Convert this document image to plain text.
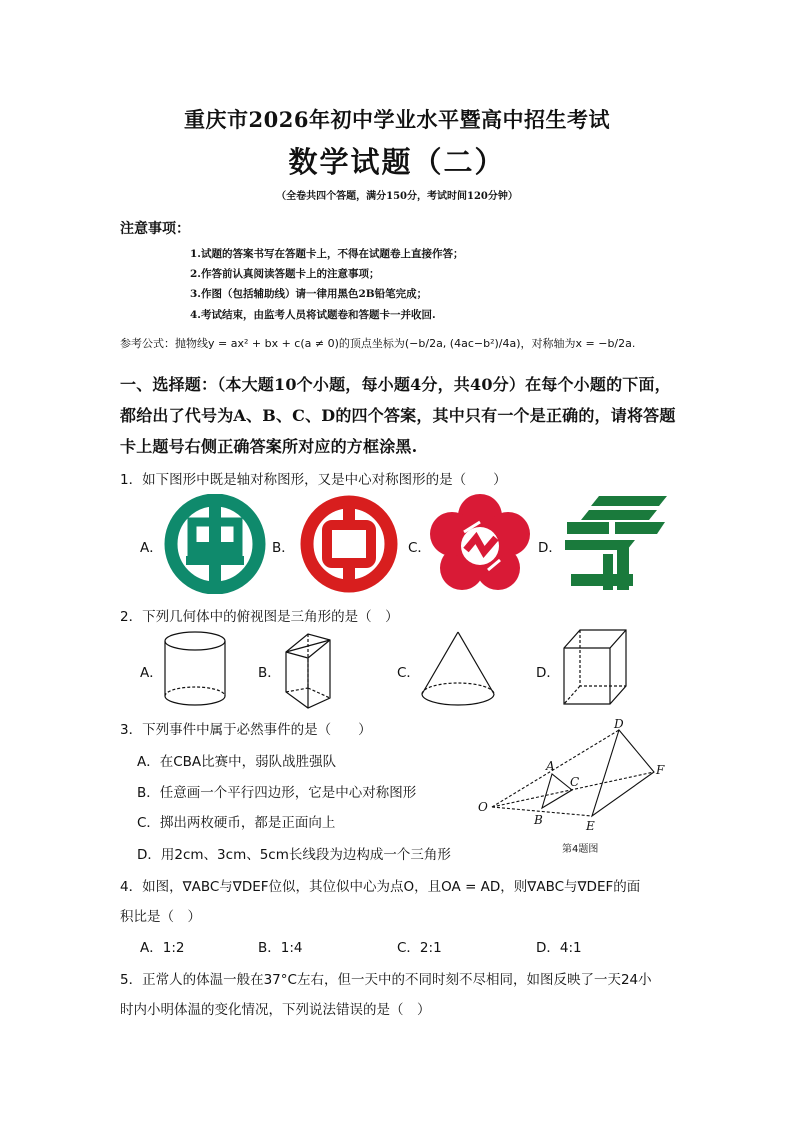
重庆市2026年初中学业水平暨高中招生考试
数学试题（二）
（全卷共四个答题，满分150分，考试时间120分钟）
注意事项：
1.试题的答案书写在答题卡上，不得在试题卷上直接作答；
2.作答前认真阅读答题卡上的注意事项；
3.作图（包括辅助线）请一律用黑色2B铅笔完成；
4.考试结束，由监考人员将试题卷和答题卡一并收回.
参考公式：抛物线y = ax² + bx + c(a ≠ 0)的顶点坐标为(−b/2a, (4ac−b²)/4a)，对称轴为x = −b/2a.
一、选择题：（本大题10个小题，每小题4分，共40分）在每个小题的下面，
都给出了代号为A、B、C、D的四个答案，其中只有一个是正确的，请将答题
卡上题号右侧正确答案所对应的方框涂黑.
1．如下图形中既是轴对称图形，又是中心对称图形的是（　　）
A．	B．	C．	D．
2．下列几何体中的俯视图是三角形的是（　）
A．	B．	C．	D．
3．下列事件中属于必然事件的是（　　）
A．在CBA比赛中，弱队战胜强队
B．任意画一个平行四边形，它是中心对称图形
C．掷出两枚硬币，都是正面向上
D．用2cm、3cm、5cm长线段为边构成一个三角形
O
A
B
C
D
E
F
第4题图
4．如图，∇ABC与∇DEF位似，其位似中心为点O，且OA = AD，则∇ABC与∇DEF的面
积比是（　）
A．1:2	B．1:4	C．2:1	D．4:1
5．正常人的体温一般在37°C左右，但一天中的不同时刻不尽相同，如图反映了一天24小
时内小明体温的变化情况，下列说法错误的是（　）
